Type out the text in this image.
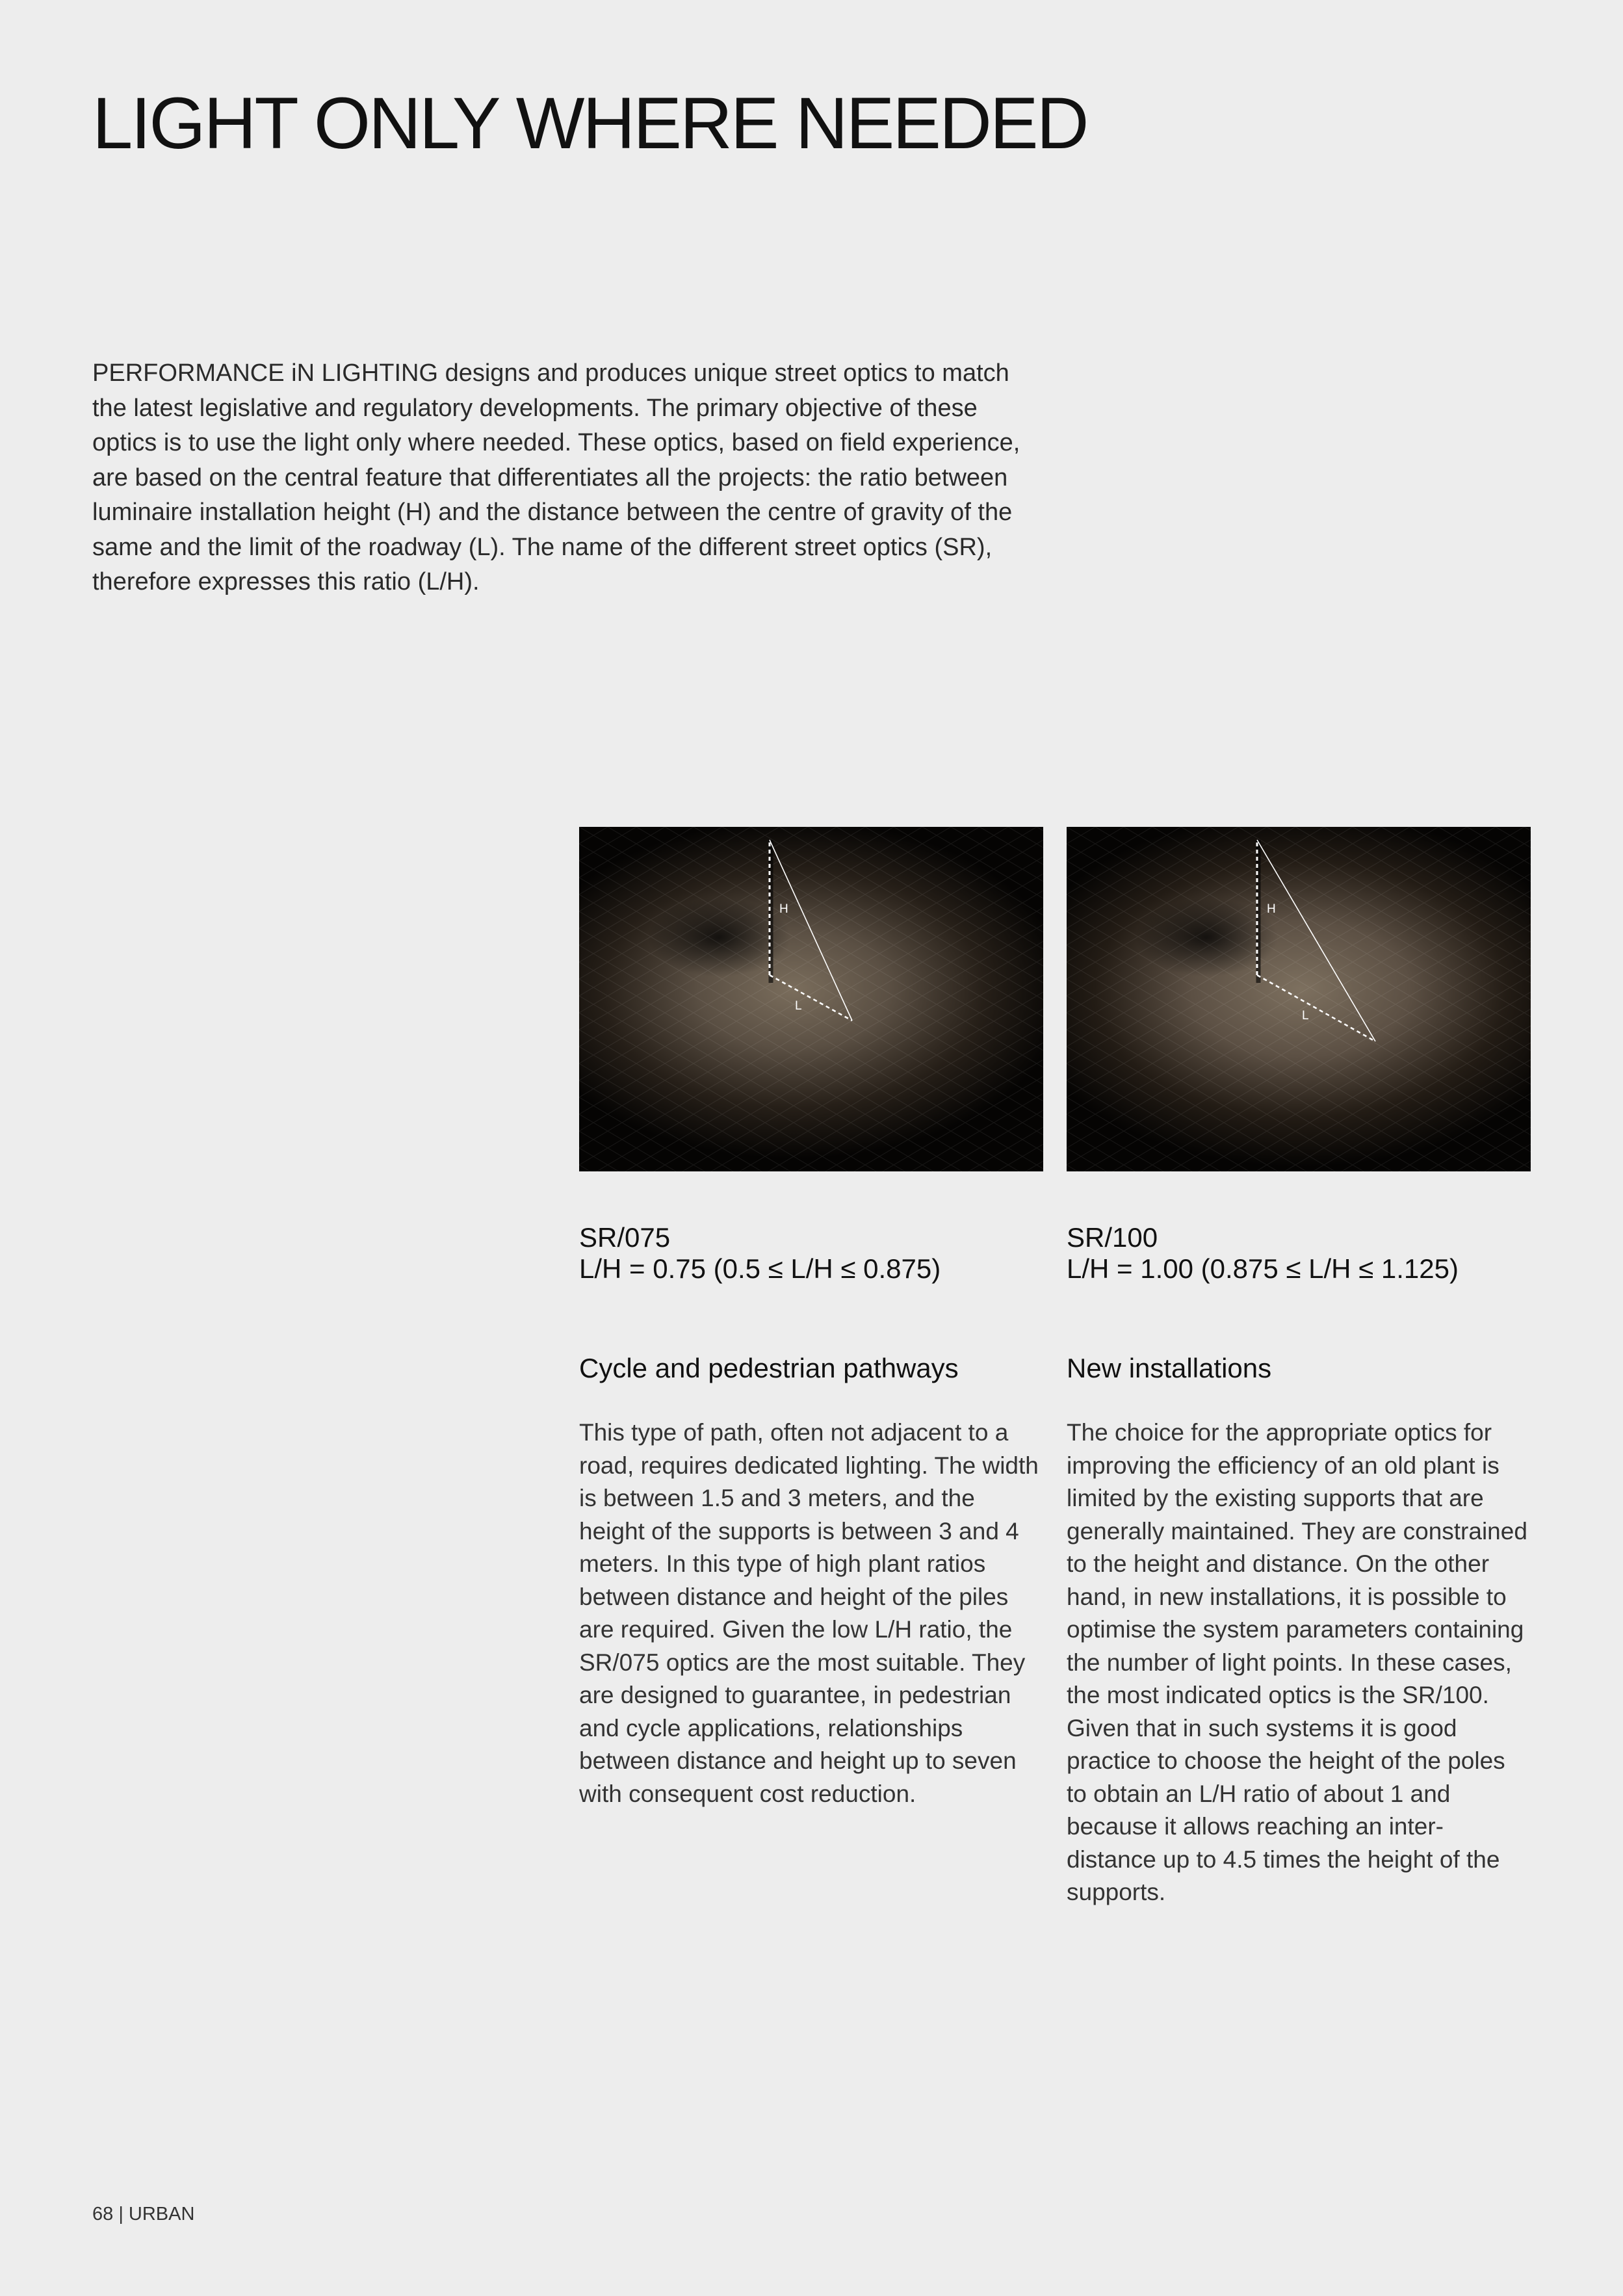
LIGHT ONLY WHERE NEEDED

PERFORMANCE iN LIGHTING designs and produces unique street optics to match the latest legislative and regulatory developments. The primary objective of these optics is to use the light only where needed. These optics, based on field experience, are based on the central feature that differentiates all the projects: the ratio between luminaire installation height (H) and the distance between the centre of gravity of the same and the limit of the roadway (L). The name of the different street optics (SR), therefore expresses this ratio (L/H).

H
L
H
L
SR/075
L/H = 0.75 (0.5 ≤ L/H ≤ 0.875)
Cycle and pedestrian pathways
This type of path, often not adjacent to a road, requires dedicated lighting. The width is between 1.5 and 3 meters, and the height of the supports is between 3 and 4 meters. In this type of high plant ratios between distance and height of the piles are required. Given the low L/H ratio, the SR/075 optics are the most suitable. They are designed to guarantee, in pedestrian and cycle applications, relationships between distance and height up to seven with consequent cost reduction.
SR/100
L/H = 1.00 (0.875 ≤ L/H ≤ 1.125)
New installations
The choice for the appropriate optics for improving the efficiency of an old plant is limited by the existing supports that are generally maintained. They are constrained to the height and distance. On the other hand, in new installations, it is possible to optimise the system parameters containing the number of light points. In these cases, the most indicated optics is the SR/100. Given that in such systems it is good practice to choose the height of the poles to obtain an L/H ratio of about 1 and because it allows reaching an inter-distance up to 4.5 times the height of the supports.
68 | URBAN
